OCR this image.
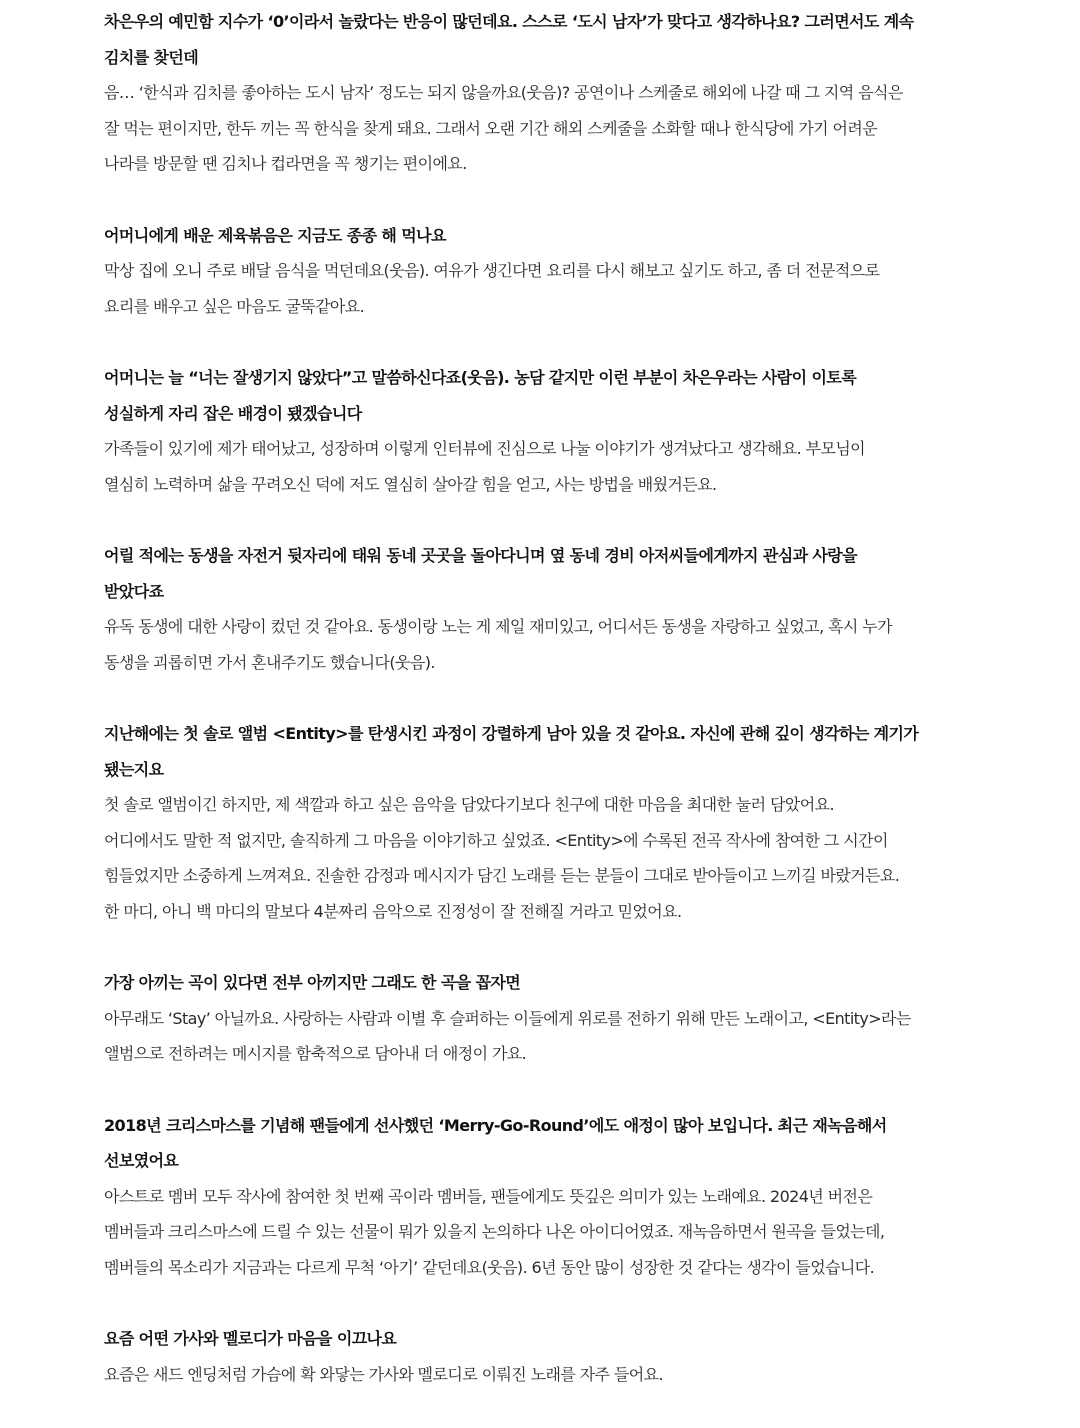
차은우의 예민함 지수가 ‘0’이라서 놀랐다는 반응이 많던데요. 스스로 ‘도시 남자’가 맞다고 생각하나요? 그러면서도 계속
김치를 찾던데
음… ‘한식과 김치를 좋아하는 도시 남자’ 정도는 되지 않을까요(웃음)? 공연이나 스케줄로 해외에 나갈 때 그 지역 음식은
잘 먹는 편이지만, 한두 끼는 꼭 한식을 찾게 돼요. 그래서 오랜 기간 해외 스케줄을 소화할 때나 한식당에 가기 어려운
나라를 방문할 땐 김치나 컵라면을 꼭 챙기는 편이에요.
어머니에게 배운 제육볶음은 지금도 종종 해 먹나요
막상 집에 오니 주로 배달 음식을 먹던데요(웃음). 여유가 생긴다면 요리를 다시 해보고 싶기도 하고, 좀 더 전문적으로
요리를 배우고 싶은 마음도 굴뚝같아요.
어머니는 늘 “너는 잘생기지 않았다”고 말씀하신다죠(웃음). 농담 같지만 이런 부분이 차은우라는 사람이 이토록
성실하게 자리 잡은 배경이 됐겠습니다
가족들이 있기에 제가 태어났고, 성장하며 이렇게 인터뷰에 진심으로 나눌 이야기가 생겨났다고 생각해요. 부모님이
열심히 노력하며 삶을 꾸려오신 덕에 저도 열심히 살아갈 힘을 얻고, 사는 방법을 배웠거든요.
어릴 적에는 동생을 자전거 뒷자리에 태워 동네 곳곳을 돌아다니며 옆 동네 경비 아저씨들에게까지 관심과 사랑을
받았다죠
유독 동생에 대한 사랑이 컸던 것 같아요. 동생이랑 노는 게 제일 재미있고, 어디서든 동생을 자랑하고 싶었고, 혹시 누가
동생을 괴롭히면 가서 혼내주기도 했습니다(웃음).
지난해에는 첫 솔로 앨범 <Entity>를 탄생시킨 과정이 강렬하게 남아 있을 것 같아요. 자신에 관해 깊이 생각하는 계기가
됐는지요
첫 솔로 앨범이긴 하지만, 제 색깔과 하고 싶은 음악을 담았다기보다 친구에 대한 마음을 최대한 눌러 담았어요.
어디에서도 말한 적 없지만, 솔직하게 그 마음을 이야기하고 싶었죠. <Entity>에 수록된 전곡 작사에 참여한 그 시간이
힘들었지만 소중하게 느껴져요. 진솔한 감정과 메시지가 담긴 노래를 듣는 분들이 그대로 받아들이고 느끼길 바랐거든요.
한 마디, 아니 백 마디의 말보다 4분짜리 음악으로 진정성이 잘 전해질 거라고 믿었어요.
가장 아끼는 곡이 있다면 전부 아끼지만 그래도 한 곡을 꼽자면
아무래도 ‘Stay’ 아닐까요. 사랑하는 사람과 이별 후 슬퍼하는 이들에게 위로를 전하기 위해 만든 노래이고, <Entity>라는
앨범으로 전하려는 메시지를 함축적으로 담아내 더 애정이 가요.
2018년 크리스마스를 기념해 팬들에게 선사했던 ‘Merry-Go-Round’에도 애정이 많아 보입니다. 최근 재녹음해서
선보였어요
아스트로 멤버 모두 작사에 참여한 첫 번째 곡이라 멤버들, 팬들에게도 뜻깊은 의미가 있는 노래예요. 2024년 버전은
멤버들과 크리스마스에 드릴 수 있는 선물이 뭐가 있을지 논의하다 나온 아이디어였죠. 재녹음하면서 원곡을 들었는데,
멤버들의 목소리가 지금과는 다르게 무척 ‘아기’ 같던데요(웃음). 6년 동안 많이 성장한 것 같다는 생각이 들었습니다.
요즘 어떤 가사와 멜로디가 마음을 이끄나요
요즘은 새드 엔딩처럼 가슴에 확 와닿는 가사와 멜로디로 이뤄진 노래를 자주 들어요.
